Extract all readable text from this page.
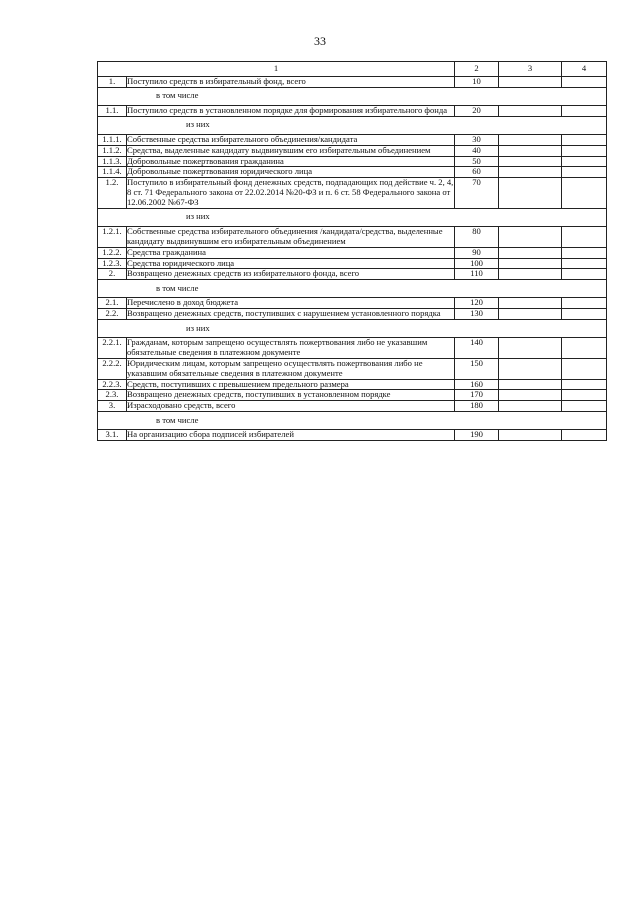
33
1		2	3	4
1.	Поступило средств в избирательный фонд, всего	10		

в том числе				

1.1.	Поступило средств в установленном порядке для формирования избирательного фонда	20		

из них				

1.1.1.	Собственные средства избирательного объединения/кандидата	30		
1.1.2.	Средства, выделенные кандидату выдвинувшим его избирательным объединением	40		
1.1.3.	Добровольные пожертвования гражданина	50		
1.1.4.	Добровольные пожертвования юридического лица	60		
1.2.	Поступило в избирательный фонд денежных средств, подпадающих под действие ч. 2, 4, 8 ст. 71 Федерального закона от 22.02.2014 №20-ФЗ и п. 6 ст. 58 Федерального закона от 12.06.2002 №67-ФЗ	70		

из них				

1.2.1.	Собственные средства избирательного объединения /кандидата/средства, выделенные кандидату выдвинувшим его избирательным объединением	80		
1.2.2.	Средства гражданина	90		
1.2.3.	Средства юридического лица	100		
2.	Возвращено денежных средств из избирательного фонда, всего	110		

в том числе				

2.1.	Перечислено в доход бюджета	120		
2.2.	Возвращено денежных средств, поступивших с нарушением установленного порядка	130		

из них				

2.2.1.	Гражданам, которым запрещено осуществлять пожертвования либо не указавшим обязательные сведения в платежном документе	140		
2.2.2.	Юридическим лицам, которым запрещено осуществлять пожертвования либо не указавшим обязательные сведения в платежном документе	150		
2.2.3.	Средств, поступивших с превышением предельного размера	160		
2.3.	Возвращено денежных средств, поступивших в установленном порядке	170		
3.	Израсходовано средств, всего	180		

в том числе				

3.1.	На организацию сбора подписей избирателей	190		
